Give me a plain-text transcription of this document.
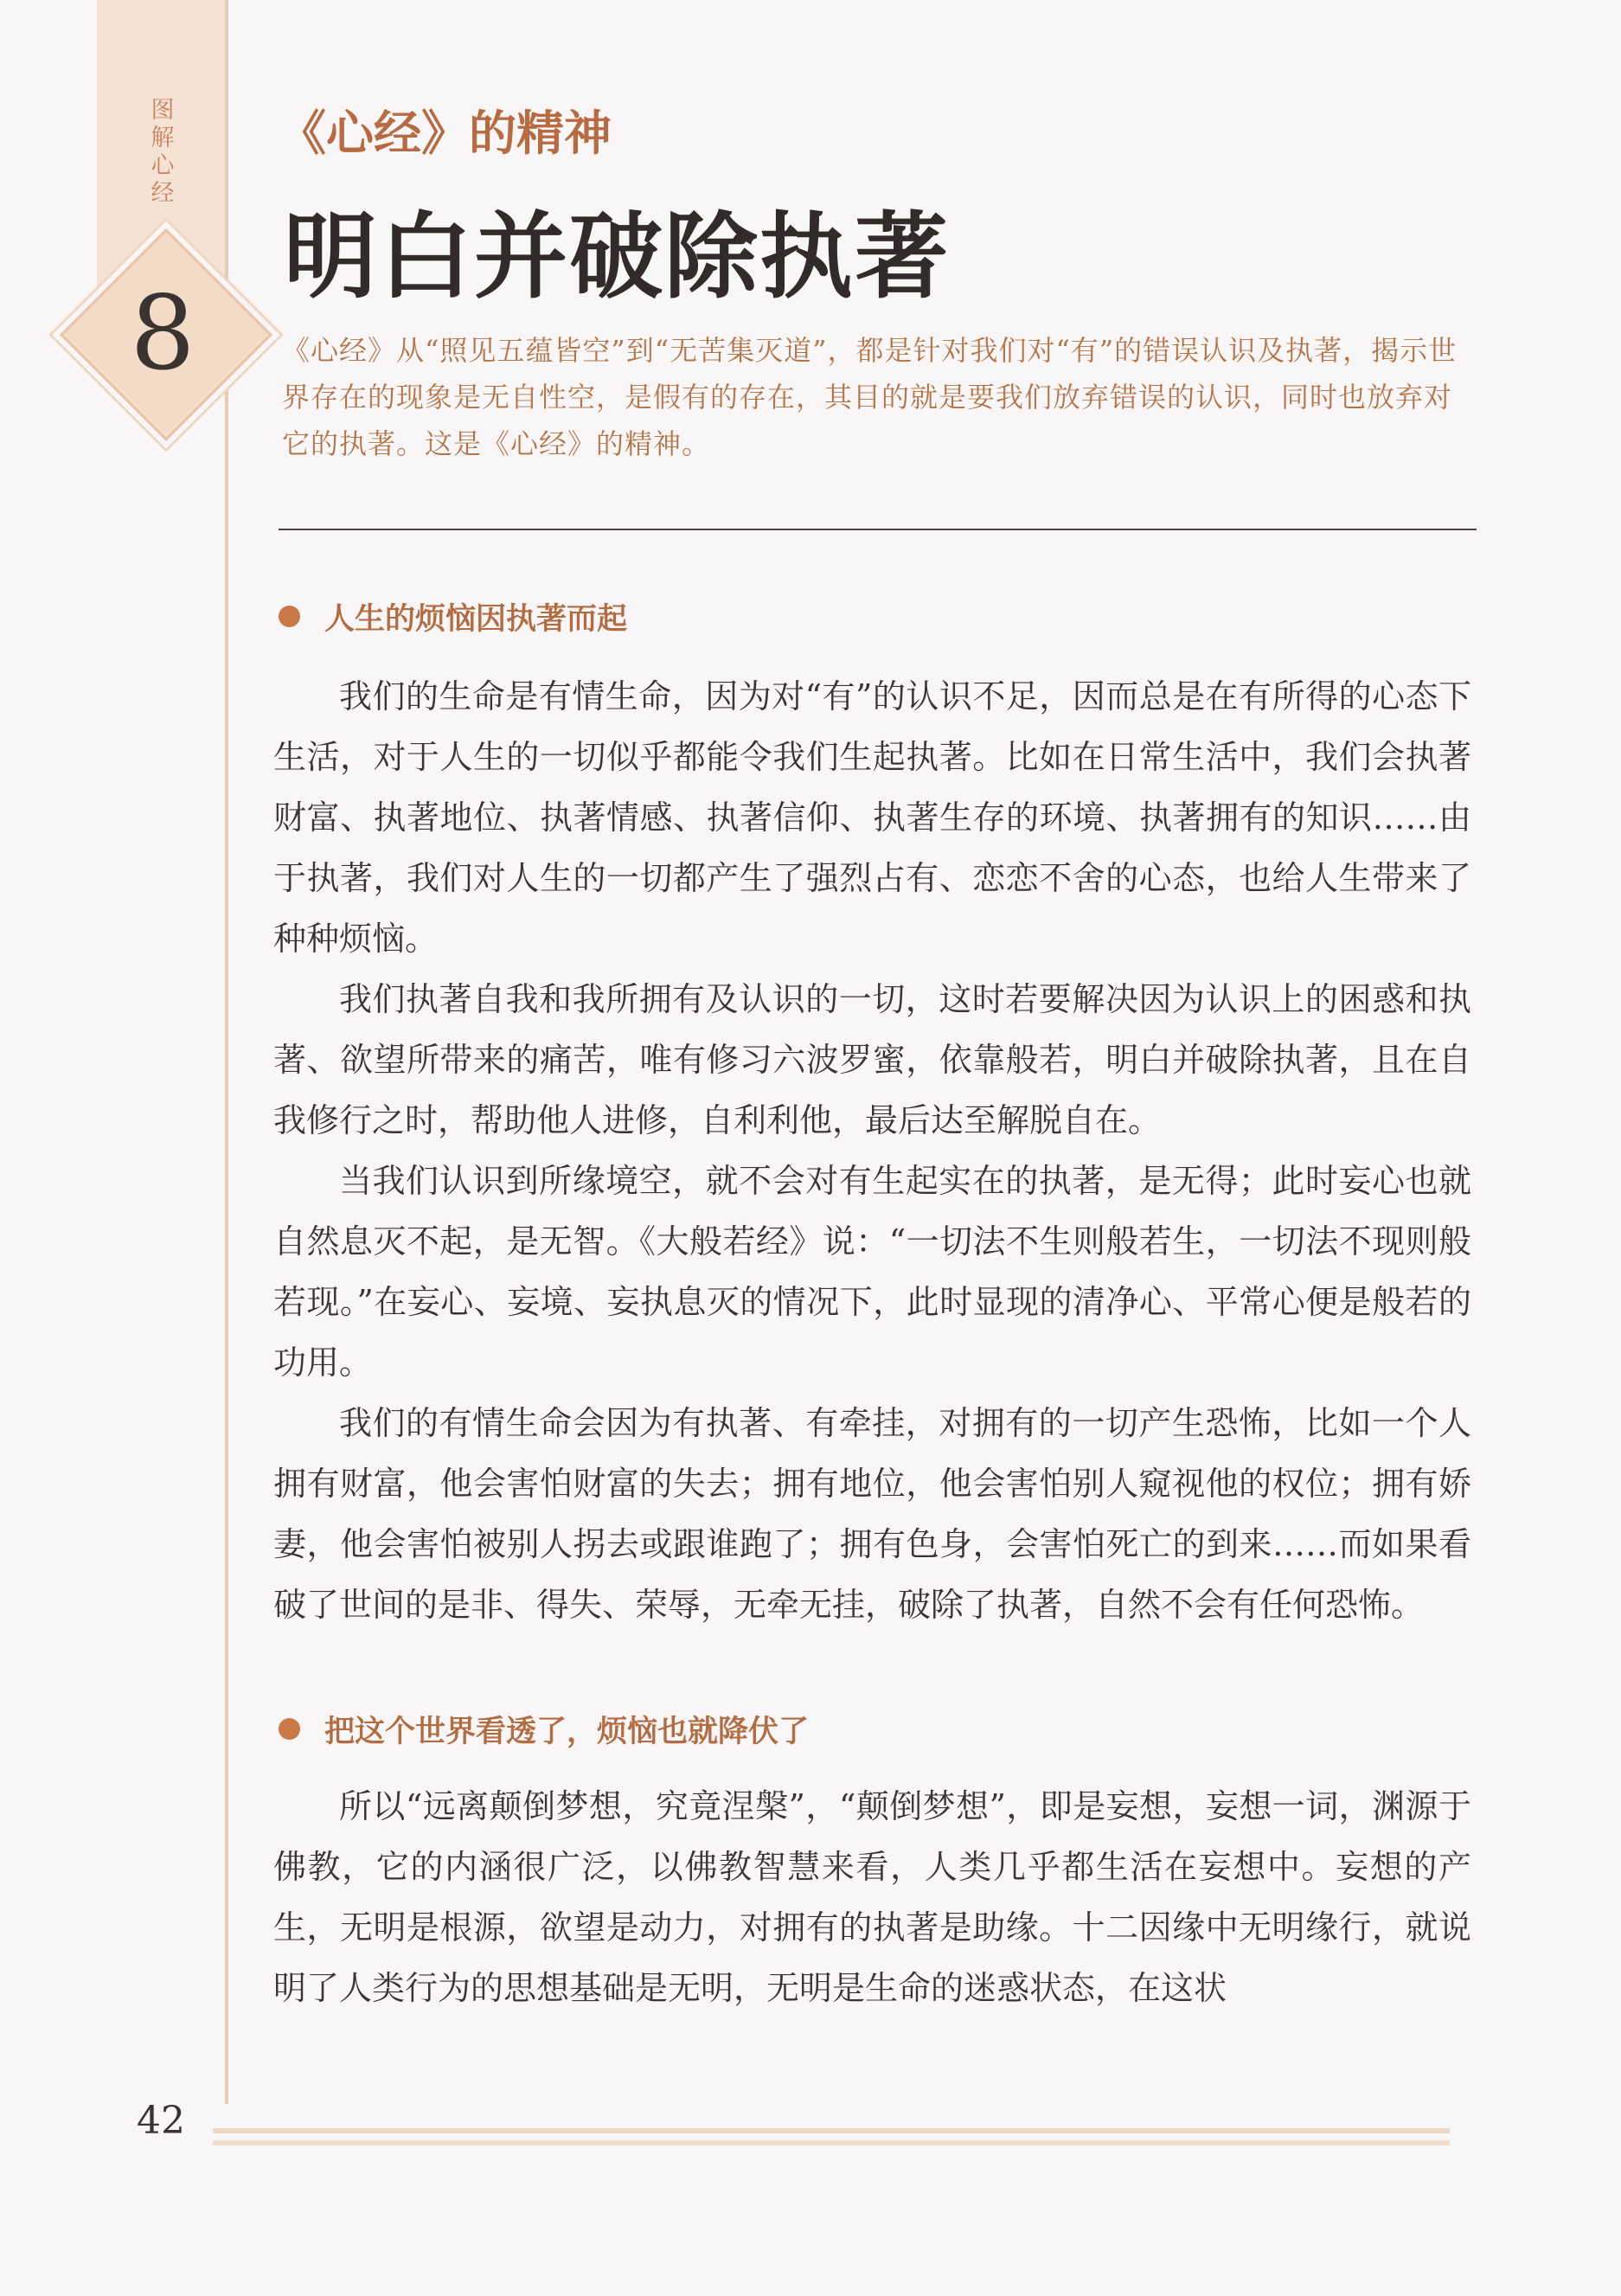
图
解
心
经
8
《心经》的精神
明白并破除执著
《心经》从“照见五蕴皆空”到“无苦集灭道”，都是针对我们对“有”的错误认识及执著，揭示世界存在的现象是无自性空，是假有的存在，其目的就是要我们放弃错误的认识，同时也放弃对它的执著。这是《心经》的精神。
人生的烦恼因执著而起

我们的生命是有情生命，因为对“有”的认识不足，因而总是在有所得的心态下生活，对于人生的一切似乎都能令我们生起执著。比如在日常生活中，我们会执著财富、执著地位、执著情感、执著信仰、执著生存的环境、执著拥有的知识……由于执著，我们对人生的一切都产生了强烈占有、恋恋不舍的心态，也给人生带来了种种烦恼。

我们执著自我和我所拥有及认识的一切，这时若要解决因为认识上的困惑和执著、欲望所带来的痛苦，唯有修习六波罗蜜，依靠般若，明白并破除执著，且在自我修行之时，帮助他人进修，自利利他，最后达至解脱自在。

当我们认识到所缘境空，就不会对有生起实在的执著，是无得；此时妄心也就自然息灭不起，是无智。《大般若经》说：“一切法不生则般若生，一切法不现则般若现。”在妄心、妄境、妄执息灭的情况下，此时显现的清净心、平常心便是般若的功用。

我们的有情生命会因为有执著、有牵挂，对拥有的一切产生恐怖，比如一个人拥有财富，他会害怕财富的失去；拥有地位，他会害怕别人窥视他的权位；拥有娇妻，他会害怕被别人拐去或跟谁跑了；拥有色身，会害怕死亡的到来……而如果看破了世间的是非、得失、荣辱，无牵无挂，破除了执著，自然不会有任何恐怖。

把这个世界看透了，烦恼也就降伏了

所以“远离颠倒梦想，究竟涅槃”，“颠倒梦想”，即是妄想，妄想一词，渊源于佛教，它的内涵很广泛，以佛教智慧来看，人类几乎都生活在妄想中。妄想的产生，无明是根源，欲望是动力，对拥有的执著是助缘。十二因缘中无明缘行，就说明了人类行为的思想基础是无明，无明是生命的迷惑状态，在这状

42
